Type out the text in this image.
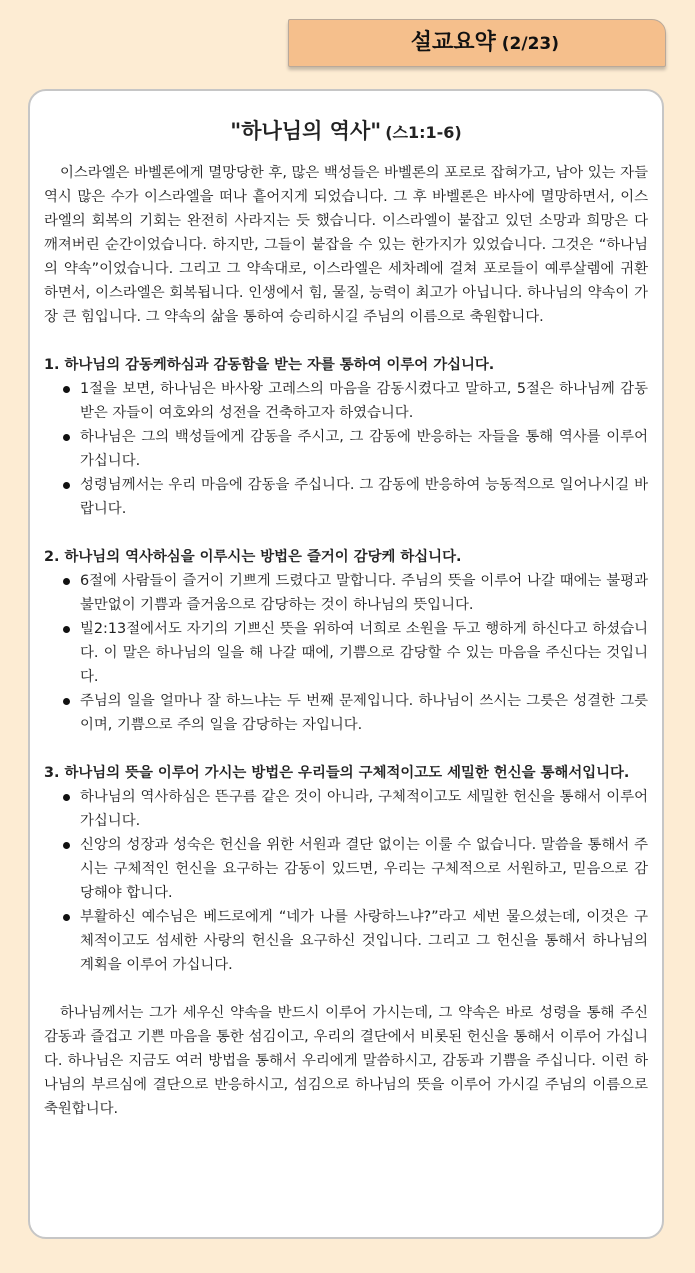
설교요약 (2/23)
"하나님의 역사" (스1:1-6)

이스라엘은 바벨론에게 멸망당한 후, 많은 백성들은 바벨론의 포로로 잡혀가고, 남아 있는 자들 역시 많은 수가 이스라엘을 떠나 흩어지게 되었습니다. 그 후 바벨론은 바사에 멸망하면서, 이스라엘의 회복의 기회는 완전히 사라지는 듯 했습니다. 이스라엘이 붙잡고 있던 소망과 희망은 다 깨져버린 순간이었습니다. 하지만, 그들이 붙잡을 수 있는 한가지가 있었습니다. 그것은 “하나님의 약속”이었습니다. 그리고 그 약속대로, 이스라엘은 세차례에 걸쳐 포로들이 예루살렘에 귀환하면서, 이스라엘은 회복됩니다. 인생에서 힘, 물질, 능력이 최고가 아닙니다. 하나님의 약속이 가장 큰 힘입니다. 그 약속의 삶을 통하여 승리하시길 주님의 이름으로 축원합니다.

1. 하나님의 감동케하심과 감동함을 받는 자를 통하여 이루어 가십니다.

1절을 보면, 하나님은 바사왕 고레스의 마음을 감동시켰다고 말하고, 5절은 하나님께 감동 받은 자들이 여호와의 성전을 건축하고자 하였습니다.
하나님은 그의 백성들에게 감동을 주시고, 그 감동에 반응하는 자들을 통해 역사를 이루어 가십니다.
성령님께서는 우리 마음에 감동을 주십니다. 그 감동에 반응하여 능동적으로 일어나시길 바랍니다.

2. 하나님의 역사하심을 이루시는 방법은 즐거이 감당케 하십니다.

6절에 사람들이 즐거이 기쁘게 드렸다고 말합니다. 주님의 뜻을 이루어 나갈 때에는 불평과 불만없이 기쁨과 즐거움으로 감당하는 것이 하나님의 뜻입니다.
빌2:13절에서도 자기의 기쁘신 뜻을 위하여 너희로 소원을 두고 행하게 하신다고 하셨습니다. 이 말은 하나님의 일을 해 나갈 때에, 기쁨으로 감당할 수 있는 마음을 주신다는 것입니다.
주님의 일을 얼마나 잘 하느냐는 두 번째 문제입니다. 하나님이 쓰시는 그릇은 성결한 그릇이며, 기쁨으로 주의 일을 감당하는 자입니다.

3. 하나님의 뜻을 이루어 가시는 방법은 우리들의 구체적이고도 세밀한 헌신을 통해서입니다.

하나님의 역사하심은 뜬구름 같은 것이 아니라, 구체적이고도 세밀한 헌신을 통해서 이루어 가십니다.
신앙의 성장과 성숙은 헌신을 위한 서원과 결단 없이는 이룰 수 없습니다. 말씀을 통해서 주시는 구체적인 헌신을 요구하는 감동이 있드면, 우리는 구체적으로 서원하고, 믿음으로 감당해야 합니다.
부활하신 예수님은 베드로에게 “네가 나를 사랑하느냐?”라고 세번 물으셨는데, 이것은 구체적이고도 섬세한 사랑의 헌신을 요구하신 것입니다. 그리고 그 헌신을 통해서 하나님의 계획을 이루어 가십니다.

하나님께서는 그가 세우신 약속을 반드시 이루어 가시는데, 그 약속은 바로 성령을 통해 주신 감동과 즐겁고 기쁜 마음을 통한 섬김이고, 우리의 결단에서 비롯된 헌신을 통해서 이루어 가십니다. 하나님은 지금도 여러 방법을 통해서 우리에게 말씀하시고, 감동과 기쁨을 주십니다. 이런 하나님의 부르심에 결단으로 반응하시고, 섬김으로 하나님의 뜻을 이루어 가시길 주님의 이름으로 축원합니다.
